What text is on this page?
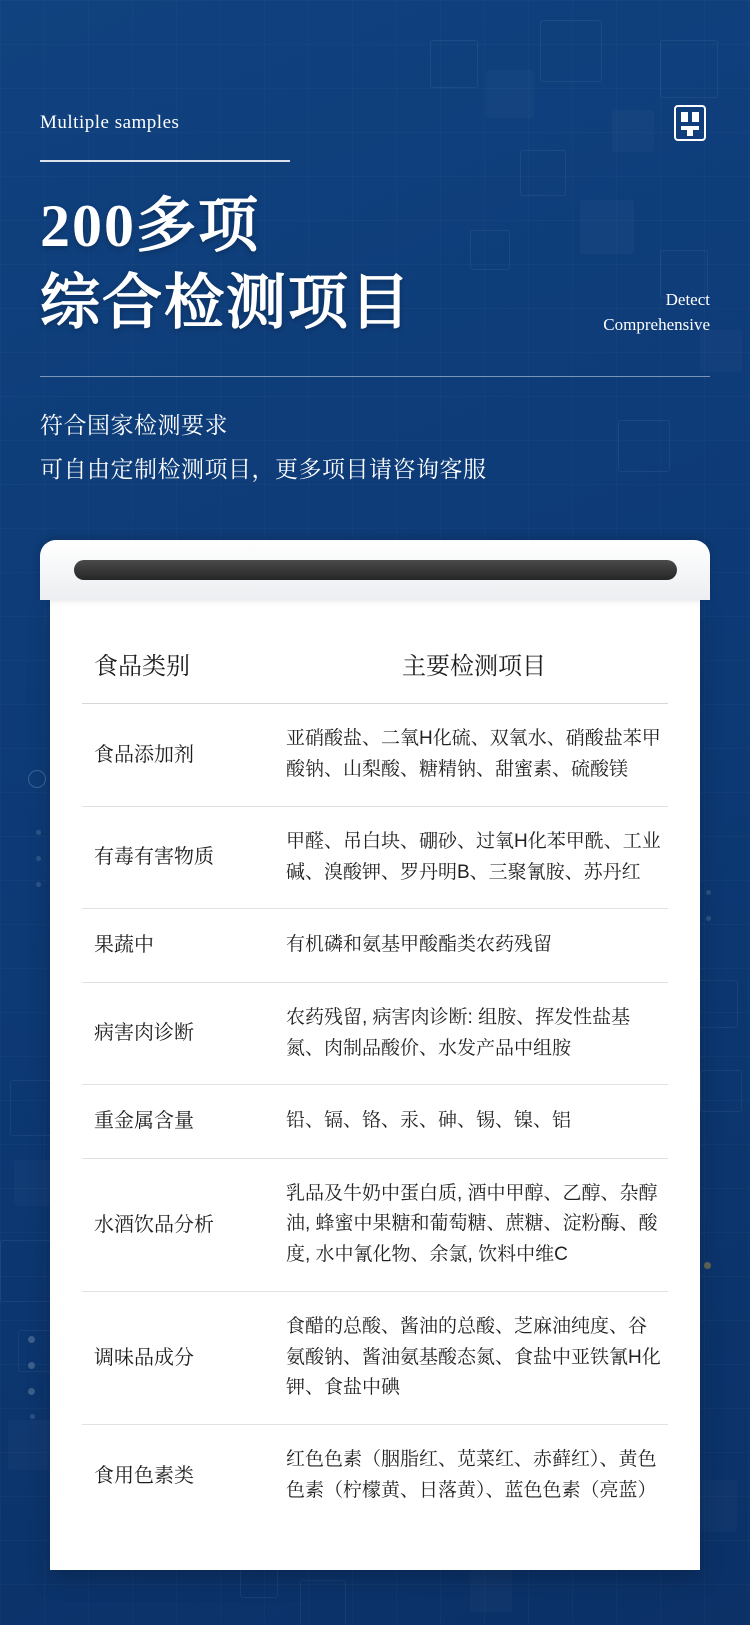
Multiple samples
200多项
综合检测项目	Detect
Comprehensive
符合国家检测要求
可自由定制检测项目，更多项目请咨询客服
食品类别	主要检测项目
食品添加剂	亚硝酸盐、二氧H化硫、双氧水、硝酸盐苯甲酸钠、山梨酸、糖精钠、甜蜜素、硫酸镁
有毒有害物质	甲醛、吊白块、硼砂、过氧H化苯甲酰、工业碱、溴酸钾、罗丹明B、三聚氰胺、苏丹红
果蔬中	有机磷和氨基甲酸酯类农药残留
病害肉诊断	农药残留, 病害肉诊断: 组胺、挥发性盐基氮、肉制品酸价、水发产品中组胺
重金属含量	铅、镉、铬、汞、砷、锡、镍、铝
水酒饮品分析	乳品及牛奶中蛋白质, 酒中甲醇、乙醇、杂醇油, 蜂蜜中果糖和葡萄糖、蔗糖、淀粉酶、酸度, 水中氰化物、余氯, 饮料中维C
调味品成分	食醋的总酸、酱油的总酸、芝麻油纯度、谷氨酸钠、酱油氨基酸态氮、食盐中亚铁氰H化钾、食盐中碘
食用色素类	红色色素（胭脂红、苋菜红、赤藓红）、黄色色素（柠檬黄、日落黄）、蓝色色素（亮蓝）
